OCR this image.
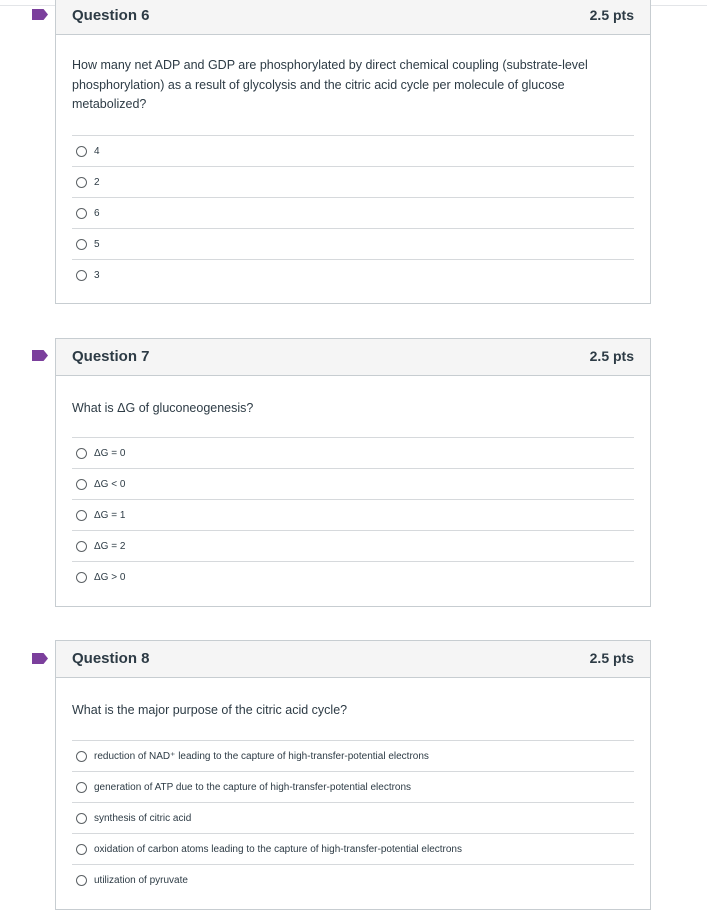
Question 6	2.5 pts

How many net ADP and GDP are phosphorylated by direct chemical coupling (substrate-level phosphorylation) as a result of glycolysis and the citric acid cycle per molecule of glucose metabolized?

4
2
6
5
3
Question 7	2.5 pts

What is ΔG of gluconeogenesis?

ΔG = 0
ΔG < 0
ΔG = 1
ΔG = 2
ΔG > 0
Question 8	2.5 pts

What is the major purpose of the citric acid cycle?

reduction of NAD⁺ leading to the capture of high-transfer-potential electrons
generation of ATP due to the capture of high-transfer-potential electrons
synthesis of citric acid
oxidation of carbon atoms leading to the capture of high-transfer-potential electrons
utilization of pyruvate
